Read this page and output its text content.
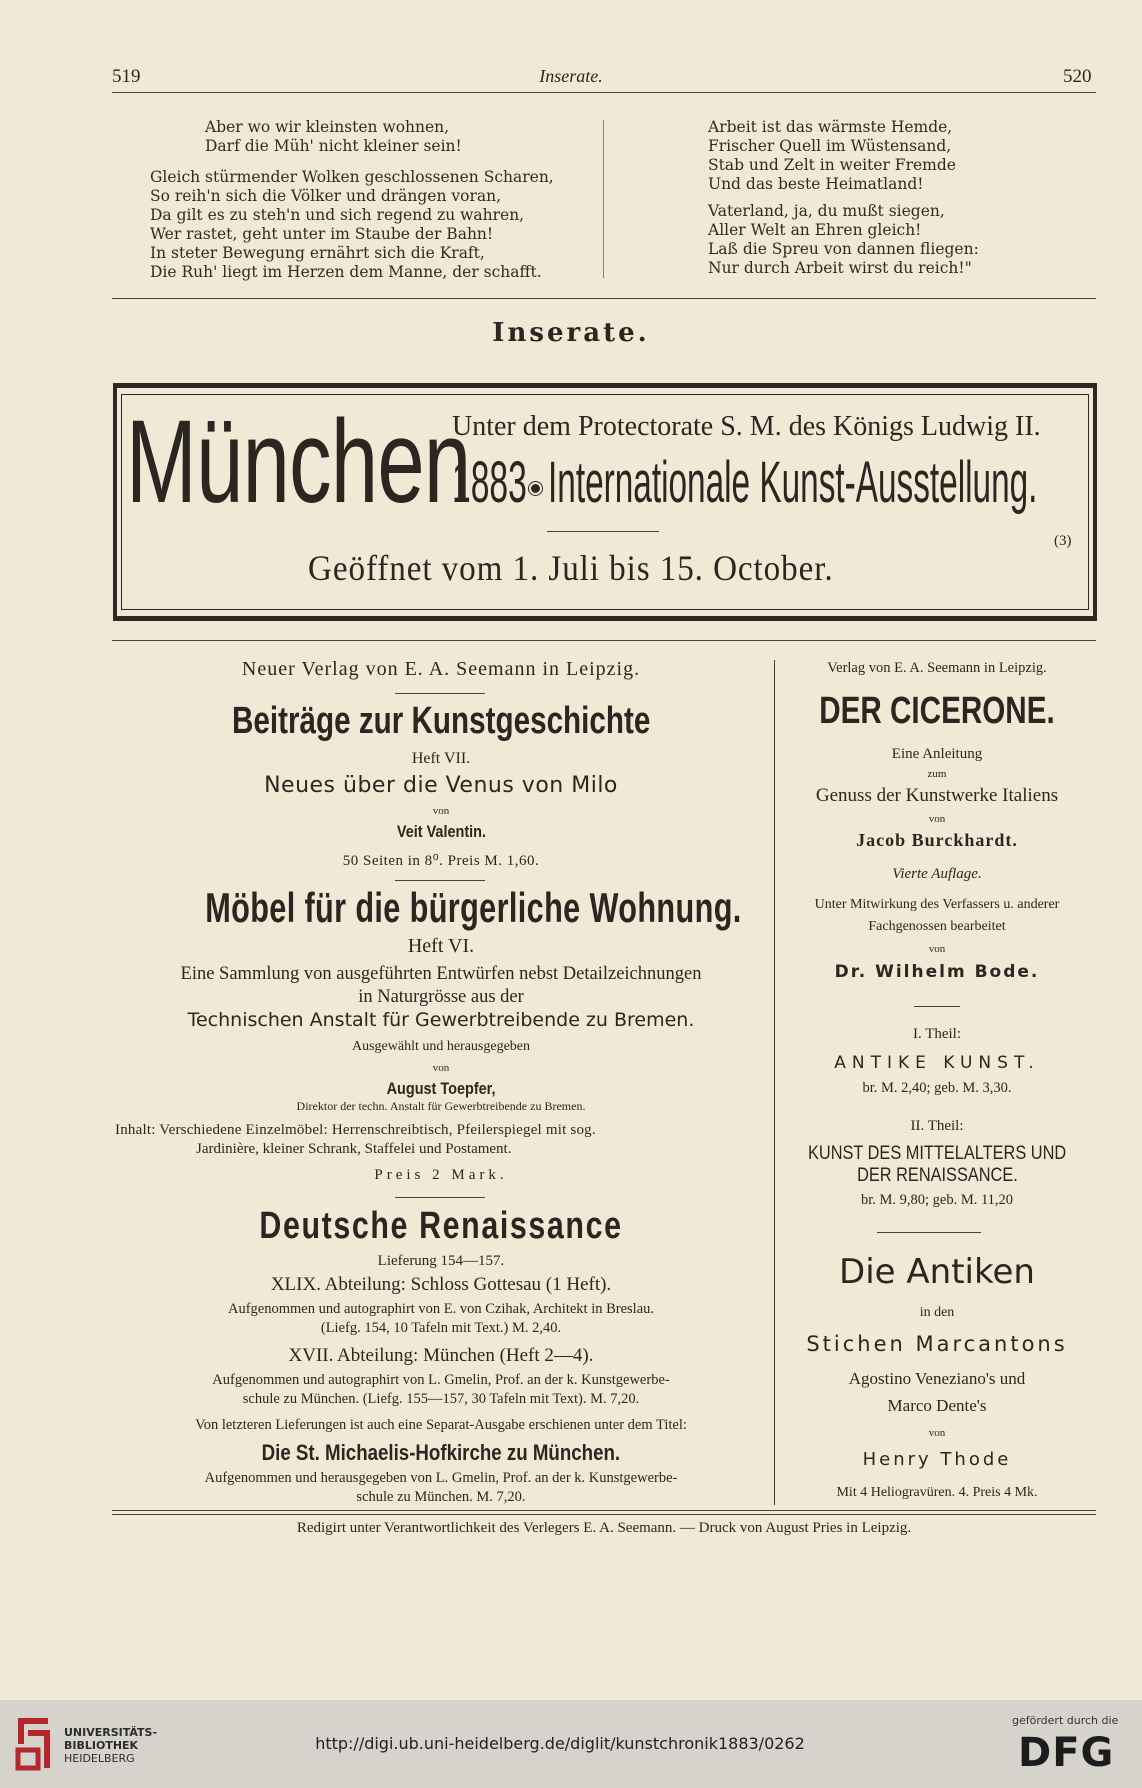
519	Inserate.	520
Aber wo wir kleinsten wohnen,
Darf die Müh' nicht kleiner sein!
Gleich stürmender Wolken geschlossenen Scharen,
So reih'n sich die Völker und drängen voran,
Da gilt es zu steh'n und sich regend zu wahren,
Wer rastet, geht unter im Staube der Bahn!
In steter Bewegung ernährt sich die Kraft,
Die Ruh' liegt im Herzen dem Manne, der schafft.
Arbeit ist das wärmste Hemde,
Frischer Quell im Wüstensand,
Stab und Zelt in weiter Fremde
Und das beste Heimatland!
Vaterland, ja, du mußt siegen,
Aller Welt an Ehren gleich!
Laß die Spreu von dannen fliegen:
Nur durch Arbeit wirst du reich!"
Inserate.
München
Unter dem Protectorate S. M. des Königs Ludwig II.
1883 Internationale Kunst-Ausstellung.
Geöffnet vom 1. Juli bis 15. October.
(3)
Neuer Verlag von E. A. Seemann in Leipzig.
Beiträge zur Kunstgeschichte
Heft VII.
Neues über die Venus von Milo
von
Veit Valentin.
50 Seiten in 8⁰. Preis M. 1,60.
Möbel für die bürgerliche Wohnung.
Heft VI.
Eine Sammlung von ausgeführten Entwürfen nebst Detailzeichnungen
in Naturgrösse aus der
Technischen Anstalt für Gewerbtreibende zu Bremen.
Ausgewählt und herausgegeben
von
August Toepfer,
Direktor der techn. Anstalt für Gewerbtreibende zu Bremen.
Inhalt: Verschiedene Einzelmöbel: Herrenschreibtisch, Pfeilerspiegel mit sog.
Jardinière, kleiner Schrank, Staffelei und Postament.
Preis 2 Mark.
Deutsche Renaissance
Lieferung 154—157.
XLIX. Abteilung: Schloss Gottesau (1 Heft).
Aufgenommen und autographirt von E. von Czihak, Architekt in Breslau.
(Liefg. 154, 10 Tafeln mit Text.) M. 2,40.
XVII. Abteilung: München (Heft 2—4).
Aufgenommen und autographirt von L. Gmelin, Prof. an der k. Kunstgewerbe-
schule zu München. (Liefg. 155—157, 30 Tafeln mit Text). M. 7,20.
Von letzteren Lieferungen ist auch eine Separat-Ausgabe erschienen unter dem Titel:
Die St. Michaelis-Hofkirche zu München.
Aufgenommen und herausgegeben von L. Gmelin, Prof. an der k. Kunstgewerbe-
schule zu München. M. 7,20.
Verlag von E. A. Seemann in Leipzig.
DER CICERONE.
Eine Anleitung
zum
Genuss der Kunstwerke Italiens
von
Jacob Burckhardt.
Vierte Auflage.
Unter Mitwirkung des Verfassers u. anderer
Fachgenossen bearbeitet
von
Dr. Wilhelm Bode.
I. Theil:
ANTIKE KUNST.
br. M. 2,40; geb. M. 3,30.
II. Theil:
KUNST DES MITTELALTERS UND
DER RENAISSANCE.
br. M. 9,80; geb. M. 11,20
Die Antiken
in den
Stichen Marcantons
Agostino Veneziano's und
Marco Dente's
von
Henry Thode
Mit 4 Heliogravüren. 4. Preis 4 Mk.
Redigirt unter Verantwortlichkeit des Verlegers E. A. Seemann. — Druck von August Pries in Leipzig.
UNIVERSITÄTS-
BIBLIOTHEK
HEIDELBERG
http://digi.ub.uni-heidelberg.de/diglit/kunstchronik1883/0262
gefördert durch die
DFG
